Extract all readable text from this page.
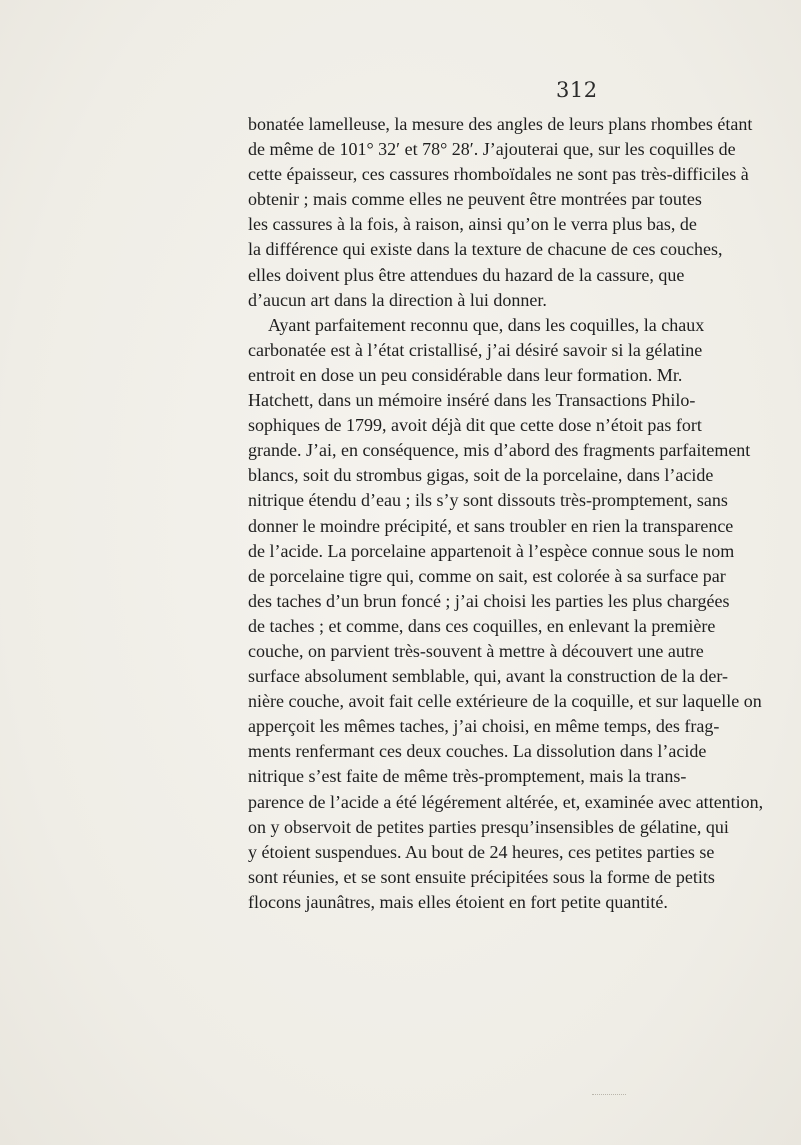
312
bonatée lamelleuse, la mesure des angles de leurs plans rhombes étant
de même de 101° 32′ et 78° 28′. J’ajouterai que, sur les coquilles de
cette épaisseur, ces cassures rhomboïdales ne sont pas très-difficiles à
obtenir ; mais comme elles ne peuvent être montrées par toutes
les cassures à la fois, à raison, ainsi qu’on le verra plus bas, de
la différence qui existe dans la texture de chacune de ces couches,
elles doivent plus être attendues du hazard de la cassure, que
d’aucun art dans la direction à lui donner.
Ayant parfaitement reconnu que, dans les coquilles, la chaux
carbonatée est à l’état cristallisé, j’ai désiré savoir si la gélatine
entroit en dose un peu considérable dans leur formation. Mr.
Hatchett, dans un mémoire inséré dans les Transactions Philo-
sophiques de 1799, avoit déjà dit que cette dose n’étoit pas fort
grande. J’ai, en conséquence, mis d’abord des fragments parfaitement
blancs, soit du strombus gigas, soit de la porcelaine, dans l’acide
nitrique étendu d’eau ; ils s’y sont dissouts très-promptement, sans
donner le moindre précipité, et sans troubler en rien la transparence
de l’acide. La porcelaine appartenoit à l’espèce connue sous le nom
de porcelaine tigre qui, comme on sait, est colorée à sa surface par
des taches d’un brun foncé ; j’ai choisi les parties les plus chargées
de taches ; et comme, dans ces coquilles, en enlevant la première
couche, on parvient très-souvent à mettre à découvert une autre
surface absolument semblable, qui, avant la construction de la der-
nière couche, avoit fait celle extérieure de la coquille, et sur laquelle on
apperçoit les mêmes taches, j’ai choisi, en même temps, des frag-
ments renfermant ces deux couches. La dissolution dans l’acide
nitrique s’est faite de même très-promptement, mais la trans-
parence de l’acide a été légérement altérée, et, examinée avec attention,
on y observoit de petites parties presqu’insensibles de gélatine, qui
y étoient suspendues. Au bout de 24 heures, ces petites parties se
sont réunies, et se sont ensuite précipitées sous la forme de petits
flocons jaunâtres, mais elles étoient en fort petite quantité.
